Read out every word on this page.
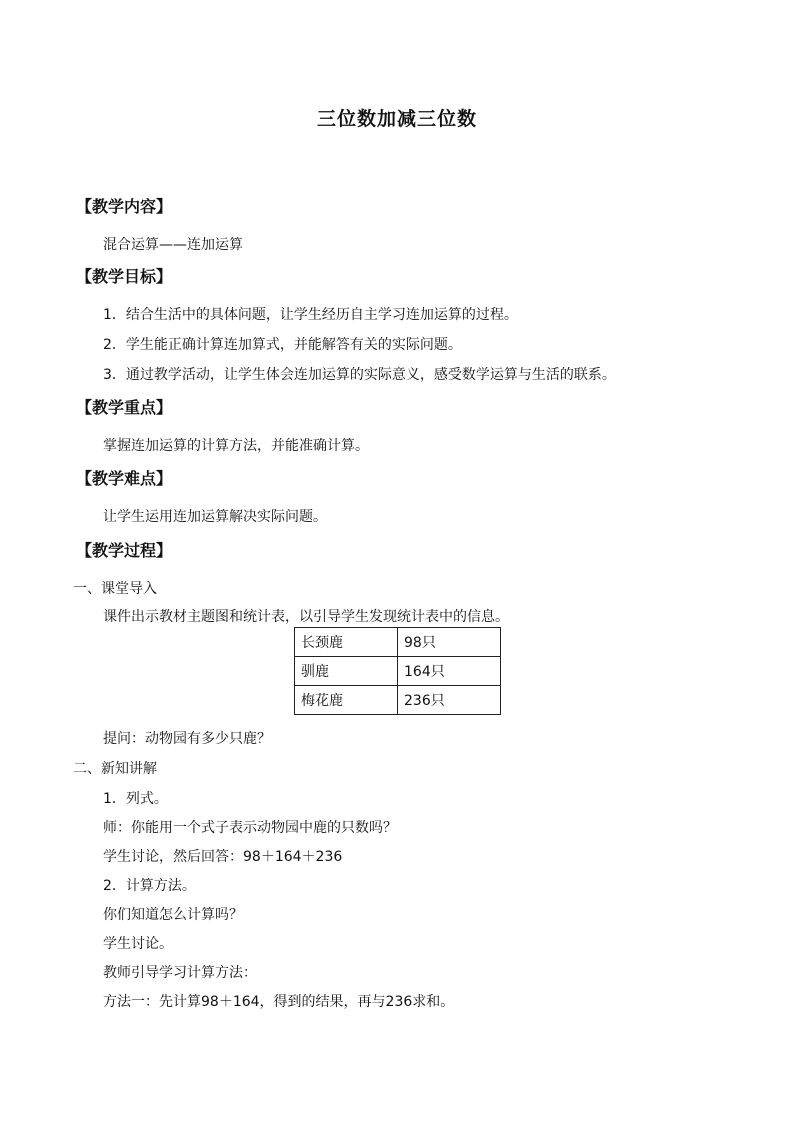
三位数加减三位数
【教学内容】
混合运算——连加运算
【教学目标】
1．结合生活中的具体问题，让学生经历自主学习连加运算的过程。
2．学生能正确计算连加算式，并能解答有关的实际问题。
3．通过教学活动，让学生体会连加运算的实际意义，感受数学运算与生活的联系。
【教学重点】
掌握连加运算的计算方法，并能准确计算。
【教学难点】
让学生运用连加运算解决实际问题。
【教学过程】
一、课堂导入
课件出示教材主题图和统计表，以引导学生发现统计表中的信息。
长颈鹿	98只
驯鹿	164只
梅花鹿	236只
提问：动物园有多少只鹿？
二、新知讲解
1．列式。
师：你能用一个式子表示动物园中鹿的只数吗？
学生讨论，然后回答：98＋164＋236
2．计算方法。
你们知道怎么计算吗？
学生讨论。
教师引导学习计算方法：
方法一：先计算98＋164，得到的结果，再与236求和。
